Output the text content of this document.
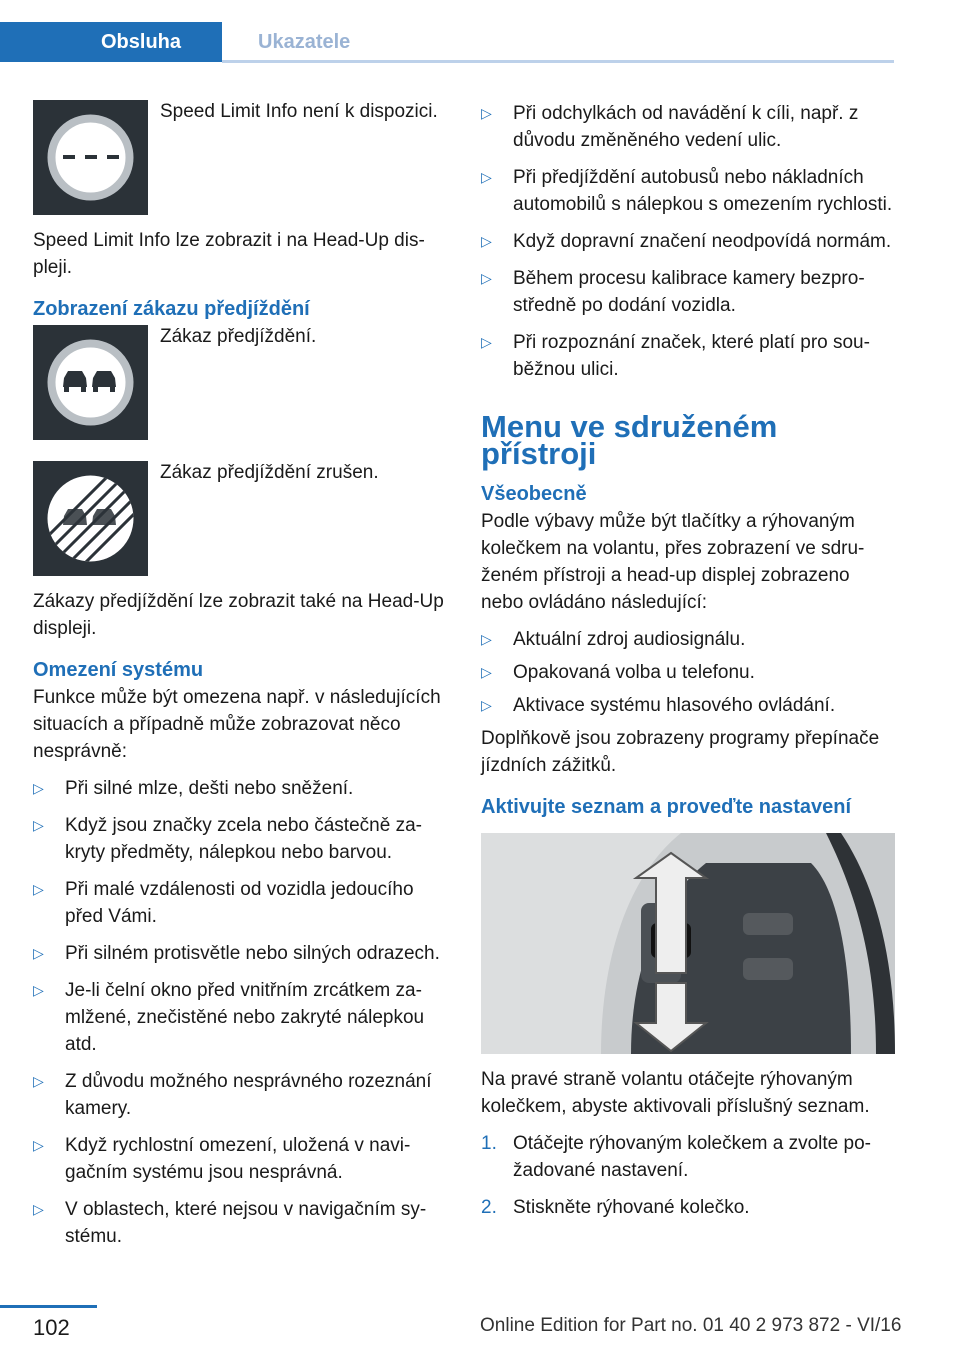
Obsluha	Ukazatele
Speed Limit Info není k dispozici.

Speed Limit Info lze zobrazit i na Head-Up displeji.

Zobrazení zákazu předjíždění

Zákaz předjíždění.
Zákaz předjíždění zrušen.

Zákazy předjíždění lze zobrazit také na Head-Up displeji.

Omezení systému

Funkce může být omezena např. v následujících situacích a případně může zobrazovat něco nesprávně:

▷ Při silné mlze, dešti nebo sněžení.
▷ Když jsou značky zcela nebo částečně zakryty předměty, nálepkou nebo barvou.
▷ Při malé vzdálenosti od vozidla jedoucího před Vámi.
▷ Při silném protisvětle nebo silných odrazech.
▷ Je-li čelní okno před vnitřním zrcátkem zamlžené, znečistěné nebo zakryté nálepkou atd.
▷ Z důvodu možného nesprávného rozeznání kamery.
▷ Když rychlostní omezení, uložená v navigačním systému jsou nesprávná.
▷ V oblastech, které nejsou v navigačním systému.
▷ Při odchylkách od navádění k cíli, např. z důvodu změněného vedení ulic.
▷ Při předjíždění autobusů nebo nákladních automobilů s nálepkou s omezením rychlosti.
▷ Když dopravní značení neodpovídá normám.
▷ Během procesu kalibrace kamery bezprostředně po dodání vozidla.
▷ Při rozpoznání značek, které platí pro souběžnou ulici.

Menu ve sdruženém přístroji

Všeobecně

Podle výbavy může být tlačítky a rýhovaným kolečkem na volantu, přes zobrazení ve sdruženém přístroji a head-up displej zobrazeno nebo ovládáno následující:

▷ Aktuální zdroj audiosignálu.
▷ Opakovaná volba u telefonu.
▷ Aktivace systému hlasového ovládání.

Doplňkově jsou zobrazeny programy přepínače jízdních zážitků.

Aktivujte seznam a proveďte nastavení

Na pravé straně volantu otáčejte rýhovaným kolečkem, abyste aktivovali příslušný seznam.

1. Otáčejte rýhovaným kolečkem a zvolte požadované nastavení.
2. Stiskněte rýhované kolečko.
102	Online Edition for Part no. 01 40 2 973 872 - VI/16
